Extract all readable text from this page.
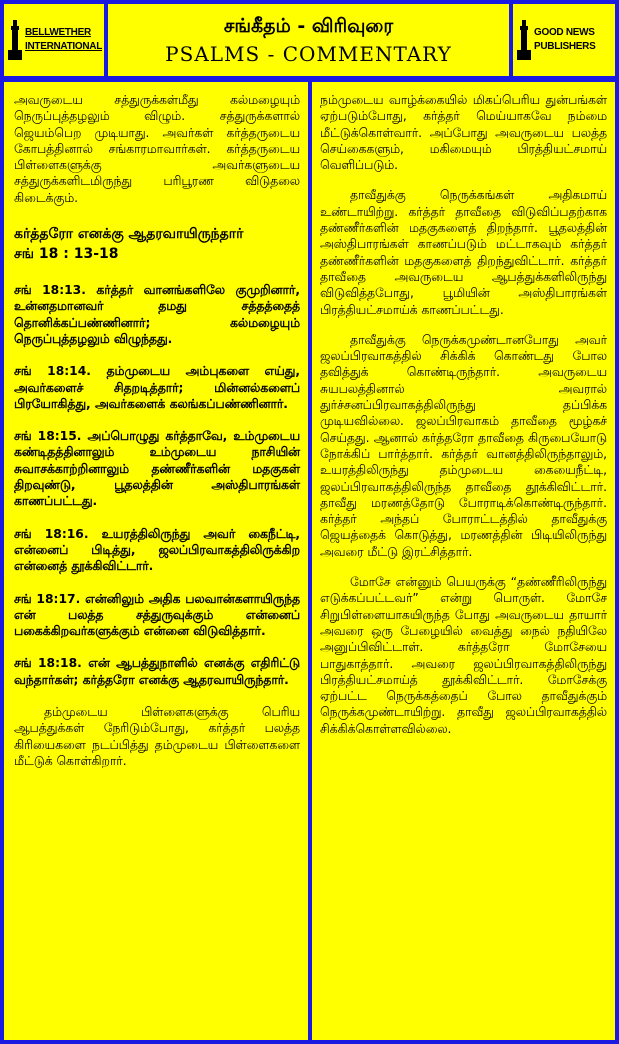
BELLWETHER
INTERNATIONAL
சங்கீதம் - விரிவுரை
PSALMS - COMMENTARY
GOOD NEWS
PUBLISHERS

அவருடைய சத்துருக்கள்மீது கல்மழையும் நெருப்புத்தழலும் விழும். சத்துருக்களால் ஜெயம்பெற முடியாது. அவர்கள் கர்த்தருடைய கோபத்தினால் சங்காரமாவார்கள். கர்த்தருடைய பிள்ளைகளுக்கு அவர்களுடைய சத்துருக்களிடமிருந்து பரிபூரண விடுதலை கிடைக்கும்.

கர்த்தரோ எனக்கு ஆதரவாயிருந்தார்
சங் 18 : 13-18

சங் 18:13. கர்த்தர் வானங்களிலே குமுறினார், உன்னதமானவர் தமது சத்தத்தைத் தொனிக்கப்பண்ணினார்; கல்மழையும் நெருப்புத்தழலும் விழுந்தது.

சங் 18:14. தம்முடைய அம்புகளை எய்து, அவர்களைச் சிதறடித்தார்; மின்னல்களைப் பிரயோகித்து, அவர்களைக் கலங்கப்பண்ணினார்.

சங் 18:15. அப்பொழுது கர்த்தாவே, உம்முடைய கண்டிதத்தினாலும் உம்முடைய நாசியின் சுவாசக்காற்றினாலும் தண்ணீர்களின் மதகுகள் திறவுண்டு, பூதலத்தின் அஸ்திபாரங்கள் காணப்பட்டது.

சங் 18:16. உயரத்திலிருந்து அவர் கைநீட்டி, என்னைப் பிடித்து, ஜலப்பிரவாகத்திலிருக்கிற என்னைத் தூக்கிவிட்டார்.

சங் 18:17. என்னிலும் அதிக பலவான்களாயிருந்த என் பலத்த சத்துருவுக்கும் என்னைப் பகைக்கிறவர்களுக்கும் என்னை விடுவித்தார்.

சங் 18:18. என் ஆபத்துநாளில் எனக்கு எதிரிட்டு வந்தார்கள்; கர்த்தரோ எனக்கு ஆதரவாயிருந்தார்.

தம்முடைய பிள்ளைகளுக்கு பெரிய ஆபத்துக்கள் நேரிடும்போது, கர்த்தர் பலத்த கிரியைகளை நடப்பித்து தம்முடைய பிள்ளைகளை மீட்டுக் கொள்கிறார்.

நம்முடைய வாழ்க்கையில் மிகப்பெரிய துன்பங்கள் ஏற்படும்போது, கர்த்தர் மெய்யாகவே நம்மை மீட்டுக்கொள்வார். அப்போது அவருடைய பலத்த செய்கைகளும், மகிமையும் பிரத்தியட்சமாய் வெளிப்படும்.

தாவீதுக்கு நெருக்கங்கள் அதிகமாய் உண்டாயிற்று. கர்த்தர் தாவீதை விடுவிப்பதற்காக தண்ணீர்களின் மதகுகளைத் திறந்தார். பூதலத்தின் அஸ்திபாரங்கள் காணப்படும் மட்டாகவும் கர்த்தர் தண்ணீர்களின் மதகுகளைத் திறந்துவிட்டார். கர்த்தர் தாவீதை அவருடைய ஆபத்துக்களிலிருந்து விடுவித்தபோது, பூமியின் அஸ்திபாரங்கள் பிரத்தியட்சமாய்க் காணப்பட்டது.

தாவீதுக்கு நெருக்கமுண்டானபோது அவர் ஜலப்பிரவாகத்தில் சிக்கிக் கொண்டது போல தவித்துக் கொண்டிருந்தார். அவருடைய சுயபலத்தினால் அவரால் துர்ச்சனப்பிரவாகத்திலிருந்து தப்பிக்க முடியவில்லை. ஜலப்பிரவாகம் தாவீதை மூழ்கச் செய்தது. ஆனால் கர்த்தரோ தாவீதை கிருபையோடு நோக்கிப் பார்த்தார். கர்த்தர் வானத்திலிருந்தாலும், உயரத்திலிருந்து தம்முடைய கையைநீட்டி, ஜலப்பிரவாகத்திலிருந்த தாவீதை தூக்கிவிட்டார். தாவீது மரணத்தோடு போராடிக்கொண்டிருந்தார். கர்த்தர் அந்தப் போராட்டத்தில் தாவீதுக்கு ஜெயத்தைக் கொடுத்து, மரணத்தின் பிடியிலிருந்து அவரை மீட்டு இரட்சித்தார்.

மோசே என்னும் பெயருக்கு “தண்ணீரிலிருந்து எடுக்கப்பட்டவர்” என்று பொருள். மோசே சிறுபிள்ளையாகயிருந்த போது அவருடைய தாயார் அவரை ஒரு பேழையில் வைத்து நைல் நதியிலே அனுப்பிவிட்டாள். கர்த்தரோ மோசேயை பாதுகாத்தார். அவரை ஜலப்பிரவாகத்திலிருந்து பிரத்தியட்சமாய்த் தூக்கிவிட்டார். மோசேக்கு ஏற்பட்ட நெருக்கத்தைப் போல தாவீதுக்கும் நெருக்கமுண்டாயிற்று. தாவீது ஜலப்பிரவாகத்தில் சிக்கிக்கொள்ளவில்லை.
